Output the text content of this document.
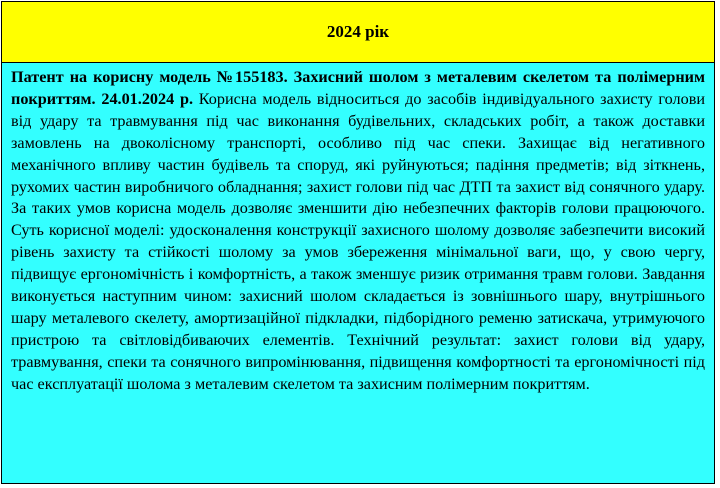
2024 рік

Патент на корисну модель №155183. Захисний шолом з металевим скелетом та полімерним покриттям. 24.01.2024 р. Корисна модель відноситься до засобів індивідуального захисту голови від удару та травмування під час виконання будівельних, складських робіт, а також доставки замовлень на двоколісному транспорті, особливо під час спеки. Захищає від негативного механічного впливу частин будівель та споруд, які руйнуються; падіння предметів; від зіткнень, рухомих частин виробничого обладнання; захист голови під час ДТП та захист від сонячного удару. За таких умов корисна модель дозволяє зменшити дію небезпечних факторів голови працюючого. Суть корисної моделі: удосконалення конструкції захисного шолому дозволяє забезпечити високий рівень захисту та стійкості шолому за умов збереження мінімальної ваги, що, у свою чергу, підвищує ергономічність і комфортність, а також зменшує ризик отримання травм голови. Завдання виконується наступним чином: захисний шолом складається із зовнішнього шару, внутрішнього шару металевого скелету, амортизаційної підкладки, підборідного ременю затискача, утримуючого пристрою та світловідбиваючих елементів. Технічний результат: захист голови від удару, травмування, спеки та сонячного випромінювання, підвищення комфортності та ергономічності під час експлуатації шолома з металевим скелетом та захисним полімерним покриттям.
